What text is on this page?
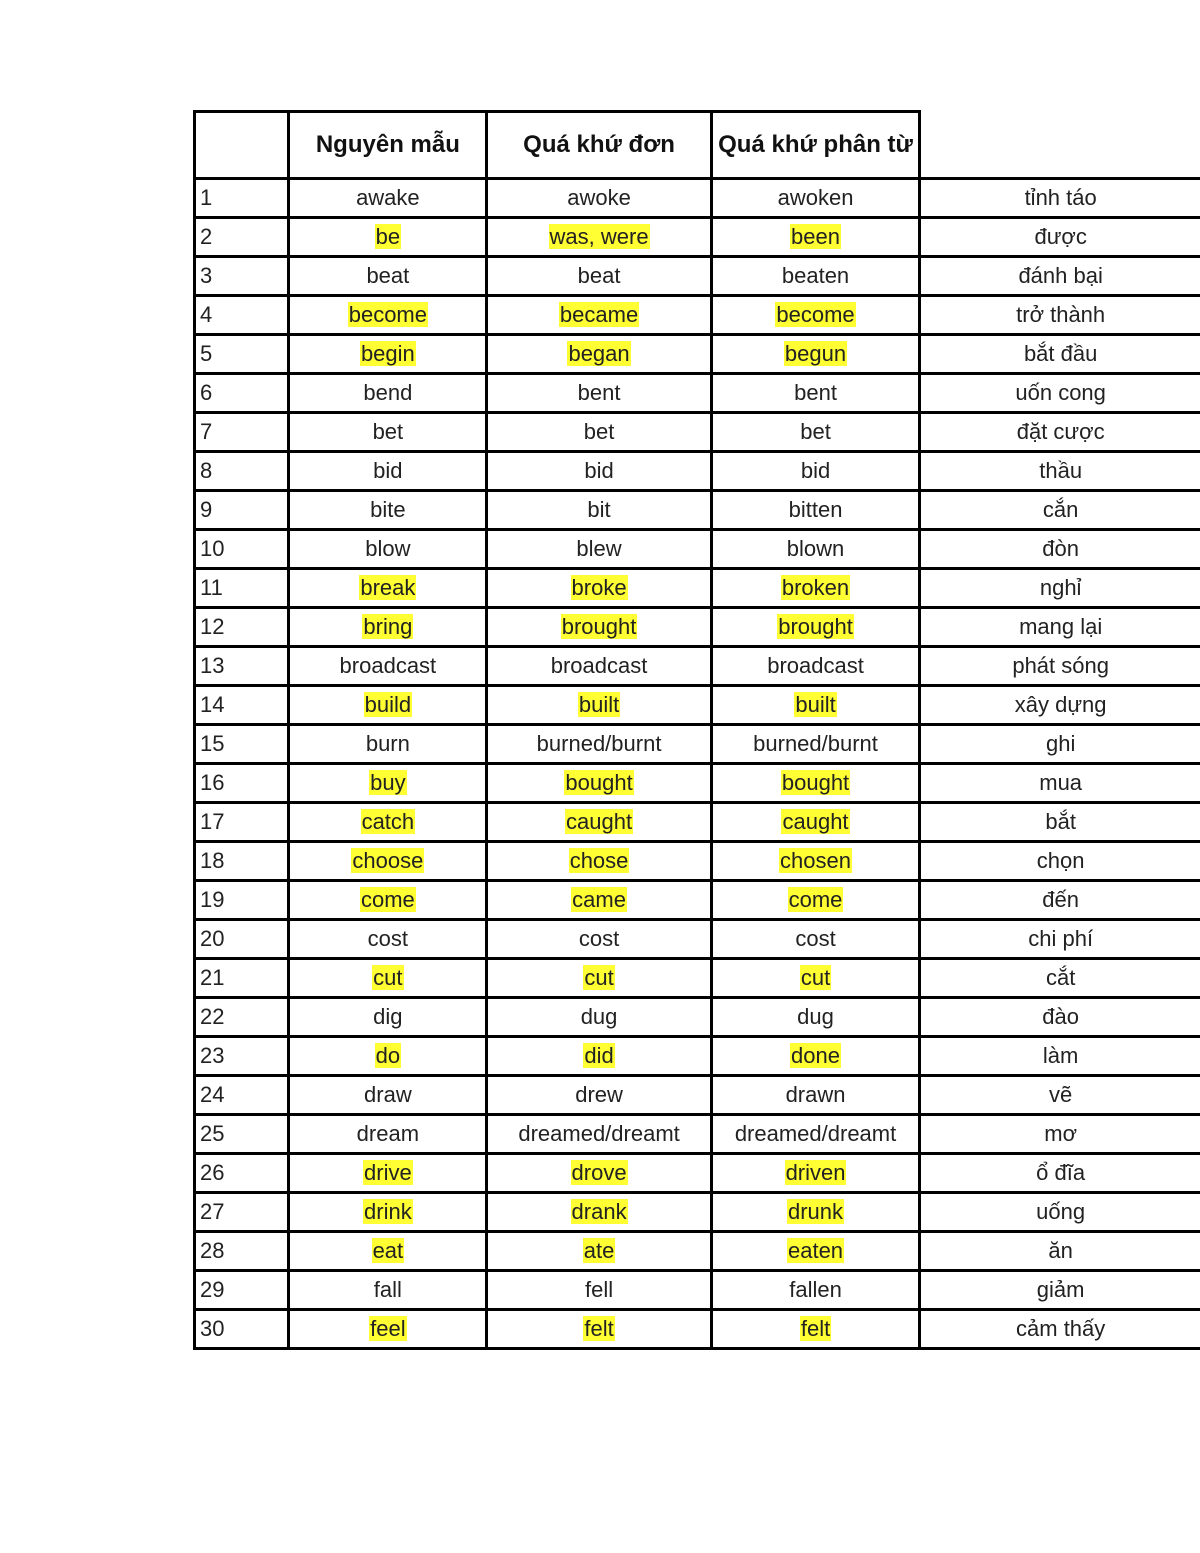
	Nguyên mẫu	Quá khứ đơn	Quá khứ phân từ	
1	awake	awoke	awoken	tỉnh táo
2	be	was, were	been	được
3	beat	beat	beaten	đánh bại
4	become	became	become	trở thành
5	begin	began	begun	bắt đầu
6	bend	bent	bent	uốn cong
7	bet	bet	bet	đặt cược
8	bid	bid	bid	thầu
9	bite	bit	bitten	cắn
10	blow	blew	blown	đòn
11	break	broke	broken	nghỉ
12	bring	brought	brought	mang lại
13	broadcast	broadcast	broadcast	phát sóng
14	build	built	built	xây dựng
15	burn	burned/burnt	burned/burnt	ghi
16	buy	bought	bought	mua
17	catch	caught	caught	bắt
18	choose	chose	chosen	chọn
19	come	came	come	đến
20	cost	cost	cost	chi phí
21	cut	cut	cut	cắt
22	dig	dug	dug	đào
23	do	did	done	làm
24	draw	drew	drawn	vẽ
25	dream	dreamed/dreamt	dreamed/dreamt	mơ
26	drive	drove	driven	ổ đĩa
27	drink	drank	drunk	uống
28	eat	ate	eaten	ăn
29	fall	fell	fallen	giảm
30	feel	felt	felt	cảm thấy
